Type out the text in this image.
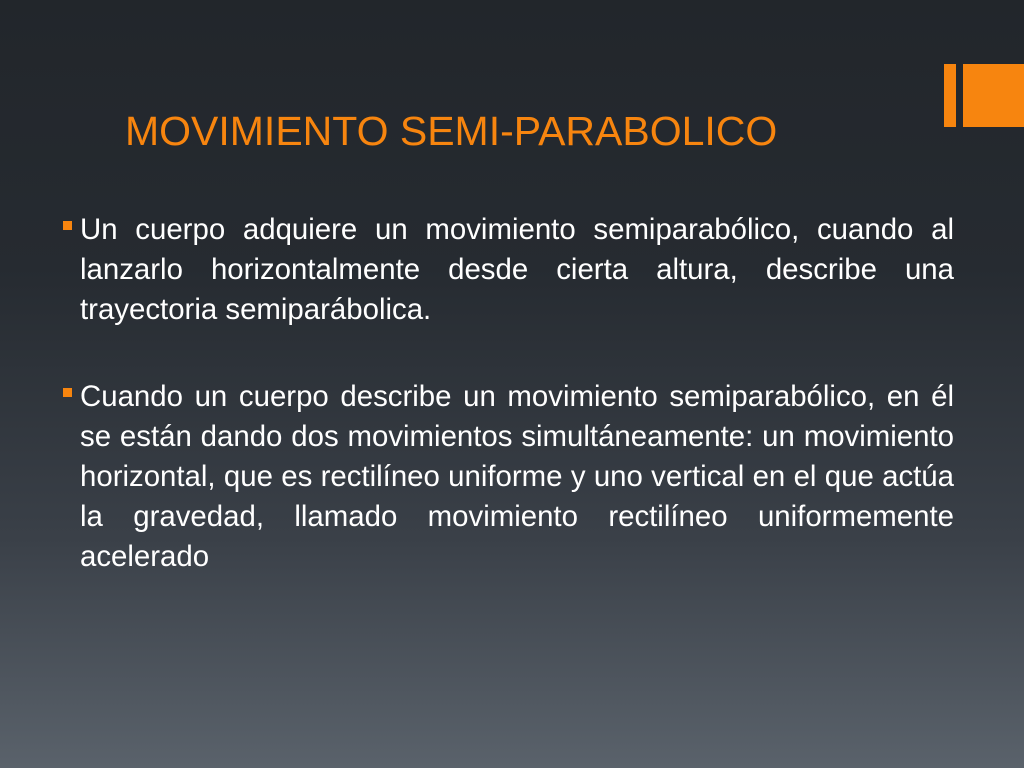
MOVIMIENTO SEMI-PARABOLICO

Un cuerpo adquiere un movimiento semiparabólico, cuando al lanzarlo horizontalmente desde cierta altura, describe una trayectoria semiparábolica.

Cuando un cuerpo describe un movimiento semiparabólico, en él se están dando dos movimientos simultáneamente: un movimiento horizontal, que es rectilíneo uniforme y uno vertical en el que actúa la gravedad, llamado movimiento rectilíneo uniformemente acelerado
